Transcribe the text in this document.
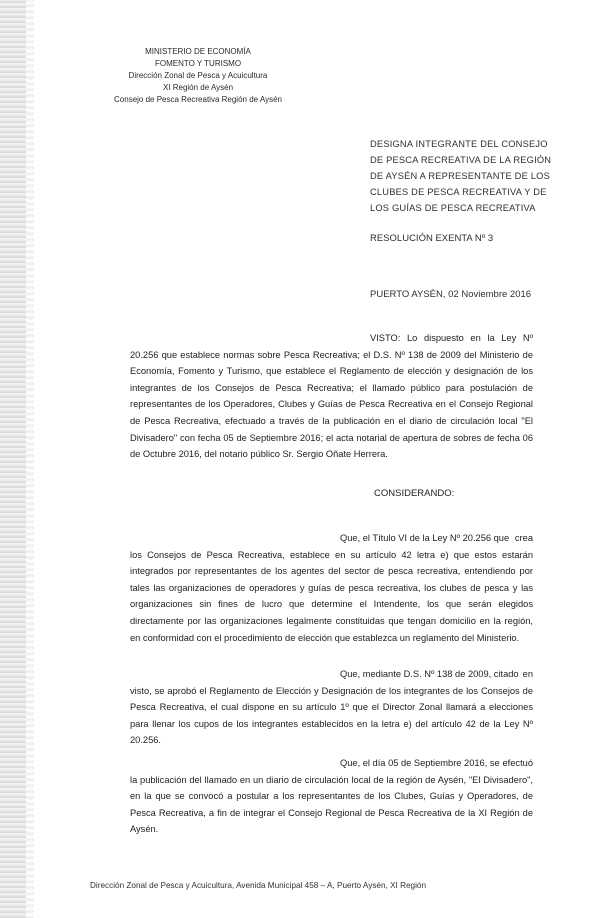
MINISTERIO DE ECONOMÍA
FOMENTO Y TURISMO
Dirección Zonal de Pesca y Acuicultura
XI Región de Aysén
Consejo de Pesca Recreativa Región de Aysén
DESIGNA INTEGRANTE DEL CONSEJO
DE PESCA RECREATIVA DE LA REGIÓN
DE AYSÉN A REPRESENTANTE DE LOS
CLUBES DE PESCA RECREATIVA Y DE
LOS GUÍAS DE PESCA RECREATIVA
RESOLUCIÓN EXENTA Nº 3
PUERTO AYSÉN, 02 Noviembre 2016
VISTO: Lo dispuesto en la Ley Nº 20.256 que establece normas sobre Pesca Recreativa; el D.S. Nº 138 de 2009 del Ministerio de Economía, Fomento y Turismo, que establece el Reglamento de elección y designación de los integrantes de los Consejos de Pesca Recreativa; el llamado público para postulación de representantes de los Operadores, Clubes y Guías de Pesca Recreativa en el Consejo Regional de Pesca Recreativa, efectuado a través de la publicación en el diario de circulación local "El Divisadero" con fecha 05 de Septiembre 2016; el acta notarial de apertura de sobres de fecha 06 de Octubre 2016, del notario público Sr. Sergio Oñate Herrera.
CONSIDERANDO:
Que, el Título VI de la Ley Nº 20.256 que crea los Consejos de Pesca Recreativa, establece en su artículo 42 letra e) que estos estarán integrados por representantes de los agentes del sector de pesca recreativa, entendiendo por tales las organizaciones de operadores y guías de pesca recreativa, los clubes de pesca y las organizaciones sin fines de lucro que determine el Intendente, los que serán elegidos directamente por las organizaciones legalmente constituidas que tengan domicilio en la región, en conformidad con el procedimiento de elección que establezca un reglamento del Ministerio.
Que, mediante D.S. Nº 138 de 2009, citado en visto, se aprobó el Reglamento de Elección y Designación de los integrantes de los Consejos de Pesca Recreativa, el cual dispone en su artículo 1º que el Director Zonal llamará a elecciones para llenar los cupos de los integrantes establecidos en la letra e) del artículo 42 de la Ley Nº 20.256.
Que, el día 05 de Septiembre 2016, se efectuó la publicación del llamado en un diario de circulación local de la región de Aysén, "El Divisadero", en la que se convocó a postular a los representantes de los Clubes, Guías y Operadores, de Pesca Recreativa, a fin de integrar el Consejo Regional de Pesca Recreativa de la XI Región de Aysén.
Dirección Zonal de Pesca y Acuicultura, Avenida Municipal 458 – A, Puerto Aysén, XI Región
